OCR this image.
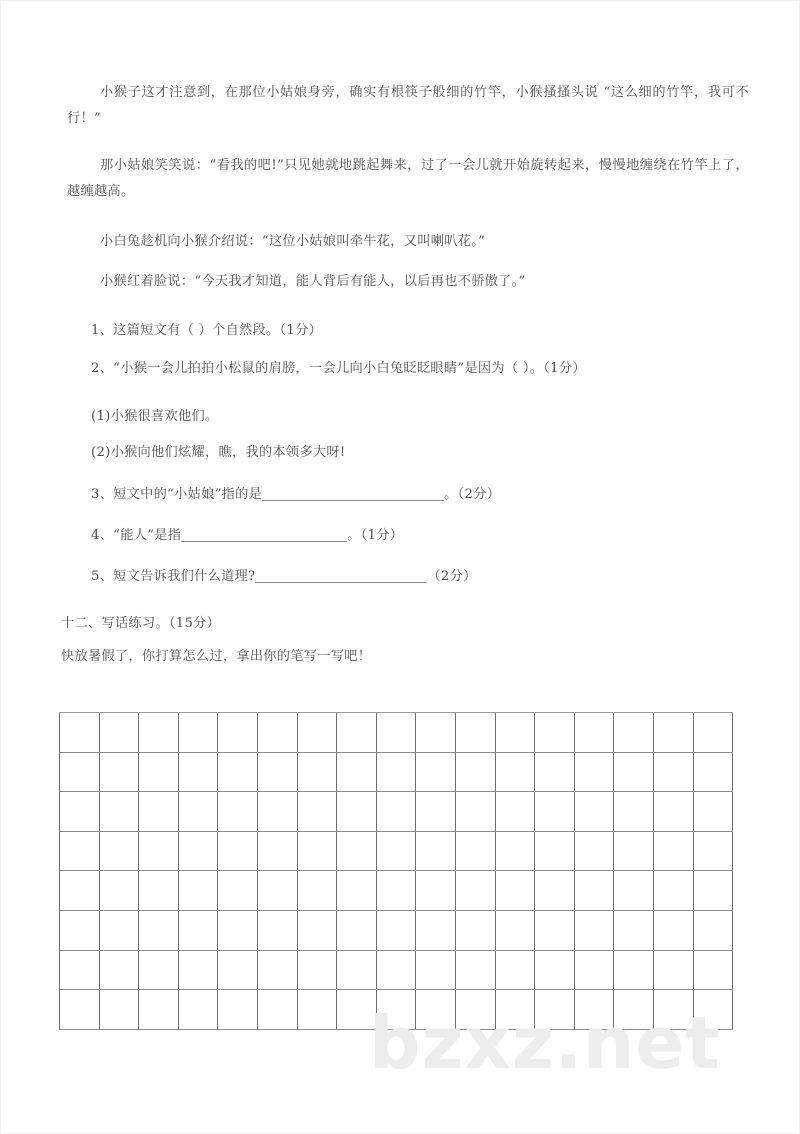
小猴子这才注意到，在那位小姑娘身旁，确实有根筷子般细的竹竿，小猴搔搔头说 “这么细的竹竿，我可不行！”
那小姑娘笑笑说：“看我的吧!”只见她就地跳起舞来，过了一会儿就开始旋转起来，慢慢地缠绕在竹竿上了，越缠越高。
小白兔趁机向小猴介绍说：“这位小姑娘叫牵牛花，又叫喇叭花。”
小猴红着脸说：“今天我才知道，能人背后有能人，以后再也不骄傲了。”
1、这篇短文有（ ）个自然段。（1分）
2、“小猴一会儿拍拍小松鼠的肩膀，一会儿向小白兔眨眨眼睛”是因为（ ）。（1分）
(1)小猴很喜欢他们。
(2)小猴向他们炫耀，瞧，我的本领多大呀!
3、短文中的“小姑娘”指的是	。（2分）
4、“能人”是指	。（1分）
5、短文告诉我们什么道理?	（2分）
十二、写话练习。（15分）
快放暑假了，你打算怎么过，拿出你的笔写一写吧！

bzxz.net
